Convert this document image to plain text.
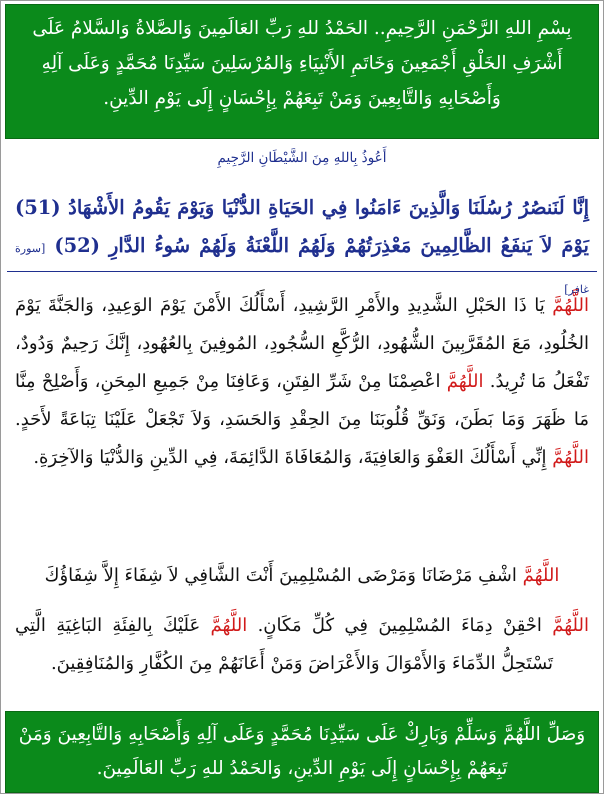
بِسْمِ اللهِ الرَّحْمَنِ الرَّحِيمِ.. الحَمْدُ للهِ رَبِّ العَالَمِينَ وَالصَّلاةُ وَالسَّلامُ عَلَى أَشْرَفِ الخَلْقِ أَجْمَعِينَ وَخَاتَمِ الأَنْبِيَاءِ وَالمُرْسَلِينَ سَيِّدِنَا مُحَمَّدٍ وَعَلَى آلِهِ وَأَصْحَابِهِ وَالتَّابِعِينَ وَمَنْ تَبِعَهُمْ بِإِحْسَانٍ إِلَى يَوْمِ الدِّينِ.

أَعُوذُ بِاللهِ مِنَ الشَّيْطَانِ الرَّجِيمِ
إِنَّا لَنَنصُرُ رُسُلَنَا وَالَّذِينَ ءَامَنُوا فِي الحَيَاةِ الدُّنْيَا وَيَوْمَ يَقُومُ الأَشْهَادُ (51) يَوْمَ لاَ يَنفَعُ الظَّالِمِينَ مَعْذِرَتُهُمْ وَلَهُمُ اللَّعْنَةُ وَلَهُمْ سُوءُ الدَّارِ (52) [سورة غافر]
اللَّهُمَّ يَا ذَا الحَبْلِ الشَّدِيدِ والأَمْرِ الرَّشِيدِ، أَسْأَلُكَ الأَمْنَ يَوْمَ الوَعِيدِ، وَالجَنَّةَ يَوْمَ الخُلُودِ، مَعَ المُقَرَّبِينَ الشُّهُودِ، الرُّكَّعِ السُّجُودِ، المُوفِينَ بِالعُهُودِ، إِنَّكَ رَحِيمٌ وَدُودٌ، تَفْعَلُ مَا تُرِيدُ. اللَّهُمَّ اعْصِمْنَا مِنْ شَرِّ الفِتَنِ، وَعَافِنَا مِنْ جَمِيعِ المِحَنِ، وَأَصْلِحْ مِنَّا مَا ظَهَرَ وَمَا بَطَنَ، وَنَقِّ قُلُوبَنَا مِنَ الحِقْدِ وَالحَسَدِ، وَلاَ تَجْعَلْ عَلَيْنَا تِبَاعَةً لأَحَدٍ. اللَّهُمَّ إِنِّي أَسْأَلُكَ العَفْوَ وَالعَافِيَةَ، وَالمُعَافَاةَ الدَّائِمَةَ، فِي الدِّينِ وَالدُّنْيَا وَالآخِرَةِ.
اللَّهُمَّ اشْفِ مَرْضَانَا وَمَرْضَى المُسْلِمِينَ أَنْتَ الشَّافِي لاَ شِفَاءَ إِلاَّ شِفَاؤُكَ
اللَّهُمَّ احْقِنْ دِمَاءَ المُسْلِمِينَ فِي كُلِّ مَكَانٍ. اللَّهُمَّ عَلَيْكَ بِالفِئَةِ البَاغِيَةِ الَّتِي تَسْتَحِلُّ الدِّمَاءَ وَالأَمْوَالَ وَالأَعْرَاضَ وَمَنْ أَعَانَهُمْ مِنَ الكُفَّارِ وَالمُنَافِقِينَ.

وَصَلِّ اللَّهُمَّ وَسَلِّمْ وَبَارِكْ عَلَى سَيِّدِنَا مُحَمَّدٍ وَعَلَى آلِهِ وَأَصْحَابِهِ وَالتَّابِعِينَ وَمَنْ تَبِعَهُمْ بِإِحْسَانٍ إِلَى يَوْمِ الدِّينِ، وَالحَمْدُ للهِ رَبِّ العَالَمِينَ.
